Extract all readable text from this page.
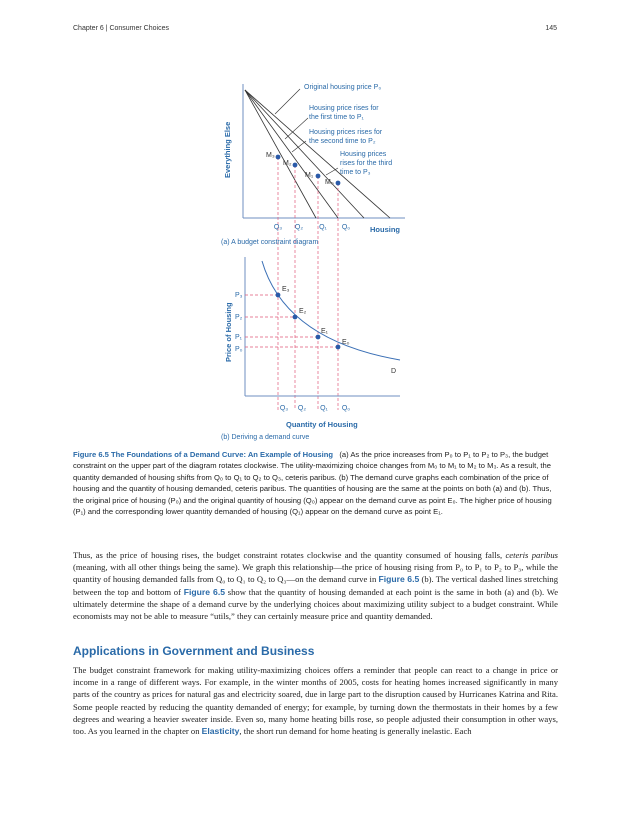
Chapter 6 | Consumer Choices	145
M₃
M₂
M₁
M₀
Original housing price P₀
Housing price rises for
the first time to P₁
Housing prices rises for
the second time to P₂
Housing prices
rises for the third
time to P₃
Everything Else
Housing
Q₃ Q₂ Q₁ Q₀
(a) A budget constraint diagram
E₃
E₂
E₁
E₀
D
P₃
P₂
P₁
P₀
Q₃ Q₂ Q₁ Q₀
Price of Housing
Quantity of Housing
(b) Deriving a demand curve
Figure 6.5 The Foundations of a Demand Curve: An Example of Housing (a) As the price increases from P₀ to P₁ to P₂ to P₃, the budget constraint on the upper part of the diagram rotates clockwise. The utility-maximizing choice changes from M₀ to M₁ to M₂ to M₃. As a result, the quantity demanded of housing shifts from Q₀ to Q₁ to Q₂ to Q₃, ceteris paribus. (b) The demand curve graphs each combination of the price of housing and the quantity of housing demanded, ceteris paribus. The quantities of housing are the same at the points on both (a) and (b). Thus, the original price of housing (P₀) and the original quantity of housing (Q₀) appear on the demand curve as point E₀. The higher price of housing (P₁) and the corresponding lower quantity demanded of housing (Q₁) appear on the demand curve as point E₁.
Thus, as the price of housing rises, the budget constraint rotates clockwise and the quantity consumed of housing falls, ceteris paribus (meaning, with all other things being the same). We graph this relationship—the price of housing rising from P₀ to P₁ to P₂ to P₃, while the quantity of housing demanded falls from Q₀ to Q₁ to Q₂ to Q₃—on the demand curve in Figure 6.5 (b). The vertical dashed lines stretching between the top and bottom of Figure 6.5 show that the quantity of housing demanded at each point is the same in both (a) and (b). We ultimately determine the shape of a demand curve by the underlying choices about maximizing utility subject to a budget constraint. While economists may not be able to measure “utils,” they can certainly measure price and quantity demanded.
Applications in Government and Business
The budget constraint framework for making utility-maximizing choices offers a reminder that people can react to a change in price or income in a range of different ways. For example, in the winter months of 2005, costs for heating homes increased significantly in many parts of the country as prices for natural gas and electricity soared, due in large part to the disruption caused by Hurricanes Katrina and Rita. Some people reacted by reducing the quantity demanded of energy; for example, by turning down the thermostats in their homes by a few degrees and wearing a heavier sweater inside. Even so, many home heating bills rose, so people adjusted their consumption in other ways, too. As you learned in the chapter on Elasticity, the short run demand for home heating is generally inelastic. Each
